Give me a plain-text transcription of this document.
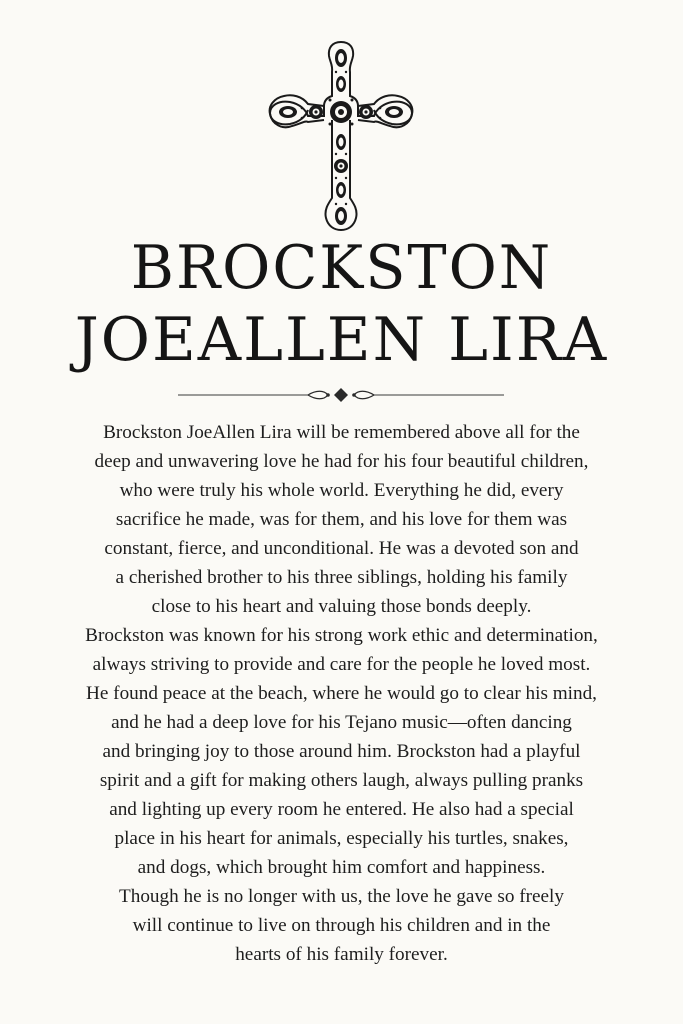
BROCKSTON
JOEALLEN LIRA
Brockston JoeAllen Lira will be remembered above all for the
deep and unwavering love he had for his four beautiful children,
who were truly his whole world. Everything he did, every
sacrifice he made, was for them, and his love for them was
constant, fierce, and unconditional. He was a devoted son and
a cherished brother to his three siblings, holding his family
close to his heart and valuing those bonds deeply.
Brockston was known for his strong work ethic and determination,
always striving to provide and care for the people he loved most.
He found peace at the beach, where he would go to clear his mind,
and he had a deep love for his Tejano music—often dancing
and bringing joy to those around him. Brockston had a playful
spirit and a gift for making others laugh, always pulling pranks
and lighting up every room he entered. He also had a special
place in his heart for animals, especially his turtles, snakes,
and dogs, which brought him comfort and happiness.
Though he is no longer with us, the love he gave so freely
will continue to live on through his children and in the
hearts of his family forever.
